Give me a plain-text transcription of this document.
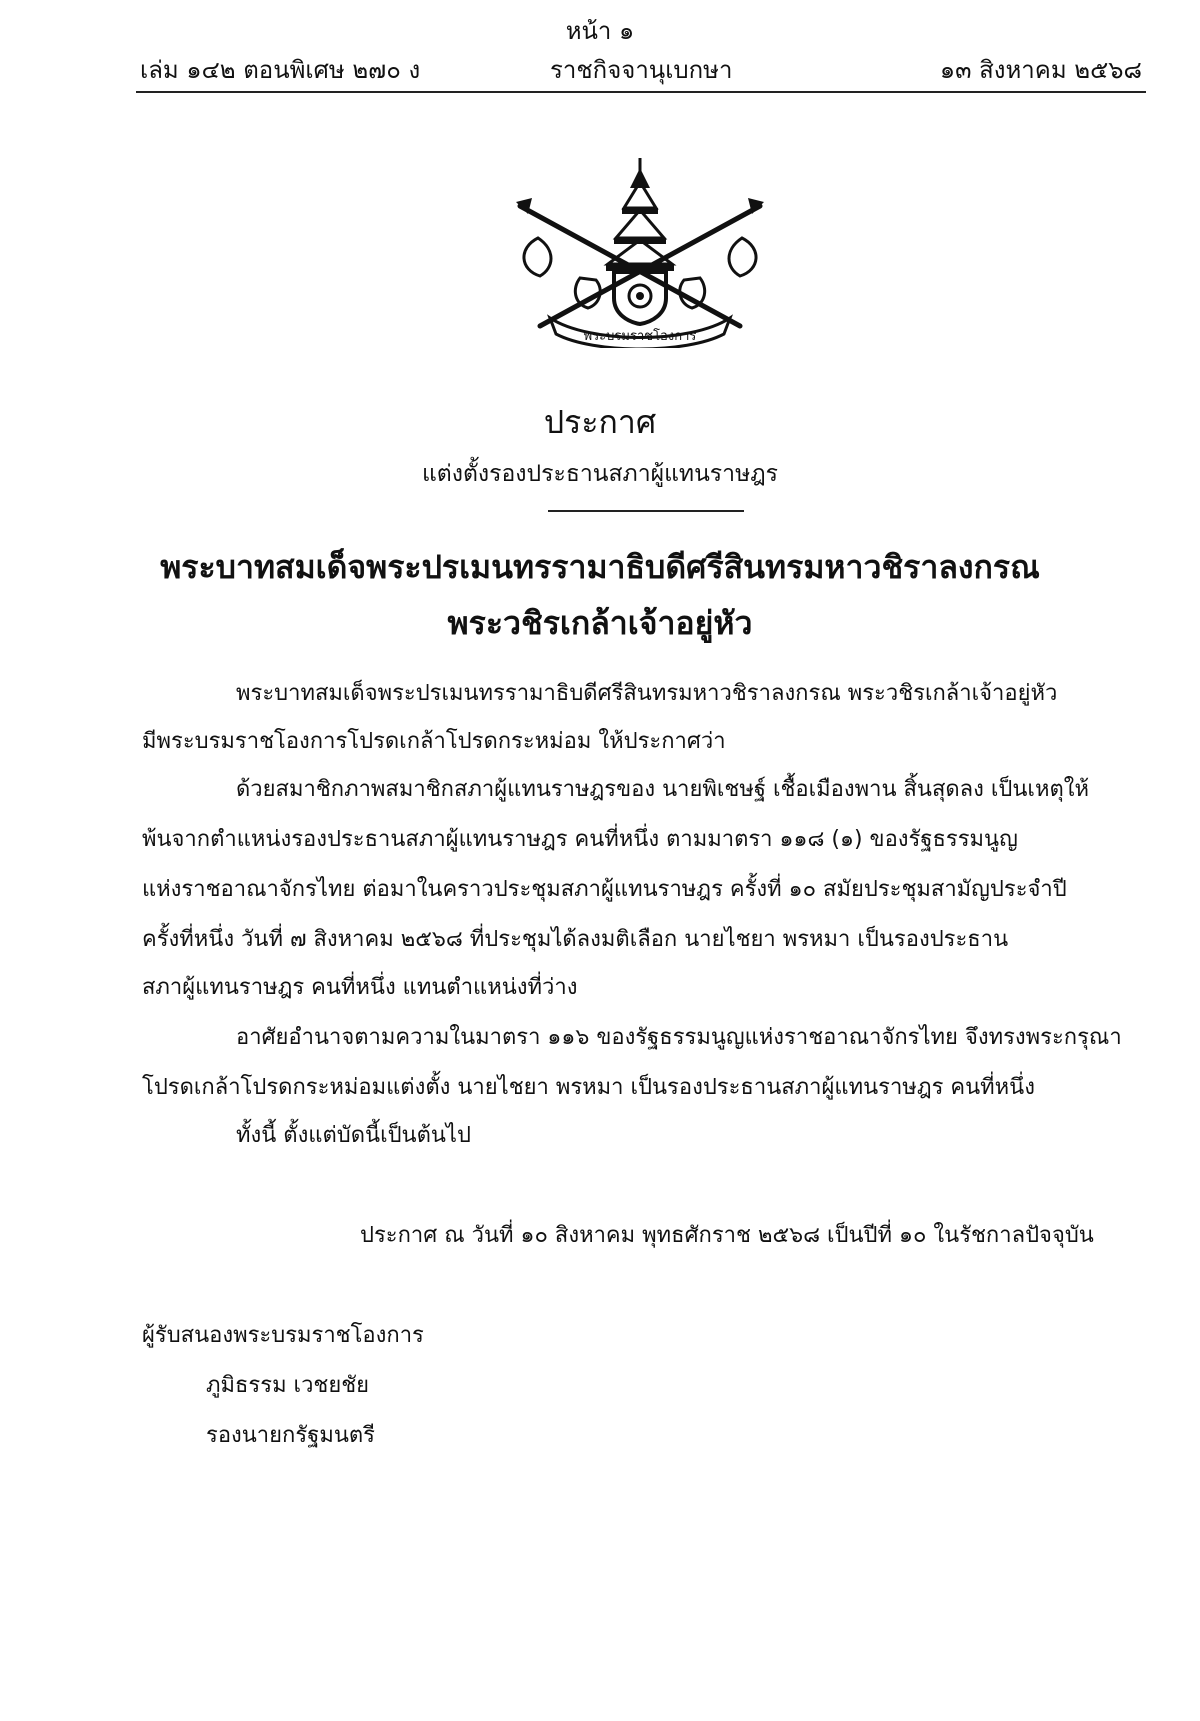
หน้า ๑
เล่ม ๑๔๒ ตอนพิเศษ ๒๗๐ ง	ราชกิจจานุเบกษา	๑๓ สิงหาคม ๒๕๖๘
พระบรมราชโองการ
ประกาศ
แต่งตั้งรองประธานสภาผู้แทนราษฎร
พระบาทสมเด็จพระปรเมนทรรามาธิบดีศรีสินทรมหาวชิราลงกรณ
พระวชิรเกล้าเจ้าอยู่หัว
พระบาทสมเด็จพระปรเมนทรรามาธิบดีศรีสินทรมหาวชิราลงกรณ พระวชิรเกล้าเจ้าอยู่หัว
มีพระบรมราชโองการโปรดเกล้าโปรดกระหม่อม ให้ประกาศว่า
ด้วยสมาชิกภาพสมาชิกสภาผู้แทนราษฎรของ นายพิเชษฐ์ เชื้อเมืองพาน สิ้นสุดลง เป็นเหตุให้
พ้นจากตำแหน่งรองประธานสภาผู้แทนราษฎร คนที่หนึ่ง ตามมาตรา ๑๑๘ (๑) ของรัฐธรรมนูญ
แห่งราชอาณาจักรไทย ต่อมาในคราวประชุมสภาผู้แทนราษฎร ครั้งที่ ๑๐ สมัยประชุมสามัญประจำปี
ครั้งที่หนึ่ง วันที่ ๗ สิงหาคม ๒๕๖๘ ที่ประชุมได้ลงมติเลือก นายไชยา พรหมา เป็นรองประธาน
สภาผู้แทนราษฎร คนที่หนึ่ง แทนตำแหน่งที่ว่าง
อาศัยอำนาจตามความในมาตรา ๑๑๖ ของรัฐธรรมนูญแห่งราชอาณาจักรไทย จึงทรงพระกรุณา
โปรดเกล้าโปรดกระหม่อมแต่งตั้ง นายไชยา พรหมา เป็นรองประธานสภาผู้แทนราษฎร คนที่หนึ่ง
ทั้งนี้ ตั้งแต่บัดนี้เป็นต้นไป
ประกาศ ณ วันที่ ๑๐ สิงหาคม พุทธศักราช ๒๕๖๘ เป็นปีที่ ๑๐ ในรัชกาลปัจจุบัน
ผู้รับสนองพระบรมราชโองการ
ภูมิธรรม เวชยชัย
รองนายกรัฐมนตรี
